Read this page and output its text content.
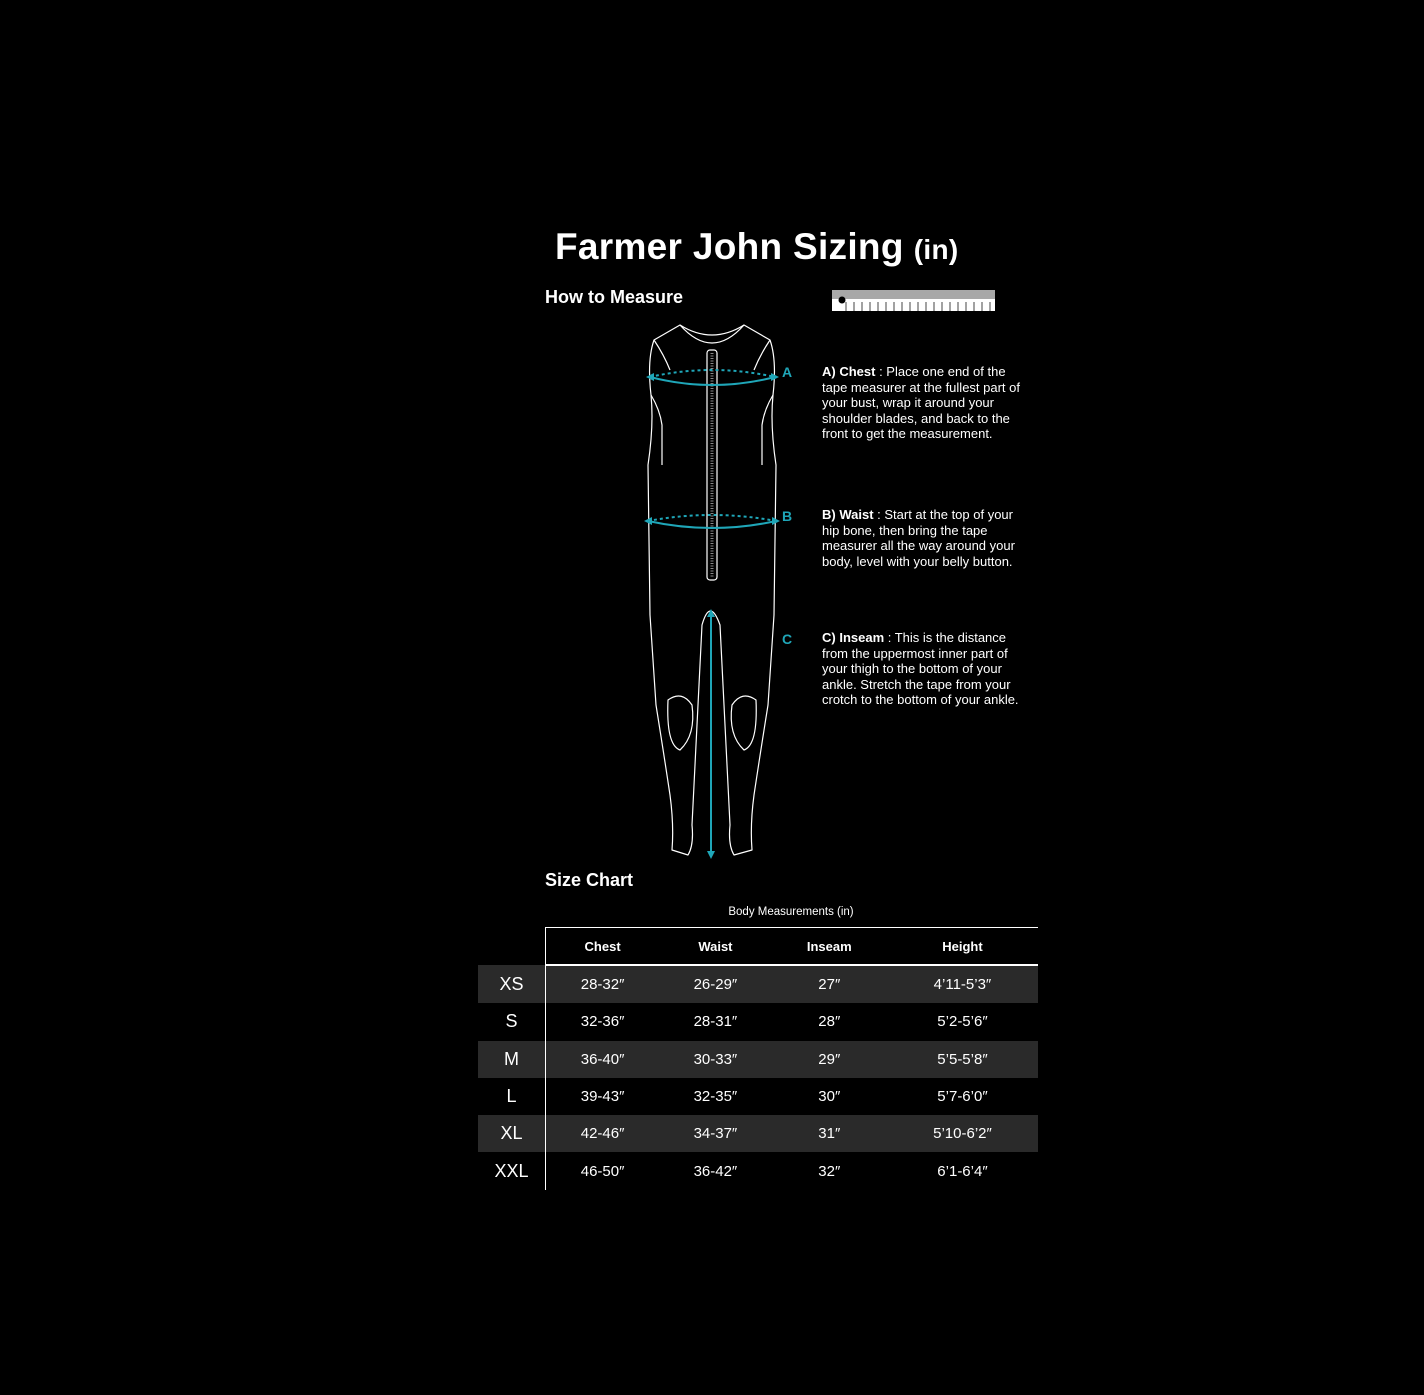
Farmer John Sizing (in)
How to Measure
A
B
C
A) Chest : Place one end of the tape measurer at the fullest part of your bust, wrap it around your shoulder blades, and back to the front to get the measurement.
B) Waist : Start at the top of your hip bone, then bring the tape measurer all the way around your body, level with your belly button.
C) Inseam : This is the distance from the uppermost inner part of your thigh to the bottom of your ankle. Stretch the tape from your crotch to the bottom of your ankle.
Size Chart
Body Measurements (in)
	Chest	Waist	Inseam	Height
XS	28-32″	26-29″	27″	4’11-5’3″
S	32-36″	28-31″	28″	5’2-5’6″
M	36-40″	30-33″	29″	5’5-5’8″
L	39-43″	32-35″	30″	5’7-6’0″
XL	42-46″	34-37″	31″	5’10-6’2″
XXL	46-50″	36-42″	32″	6’1-6’4″
